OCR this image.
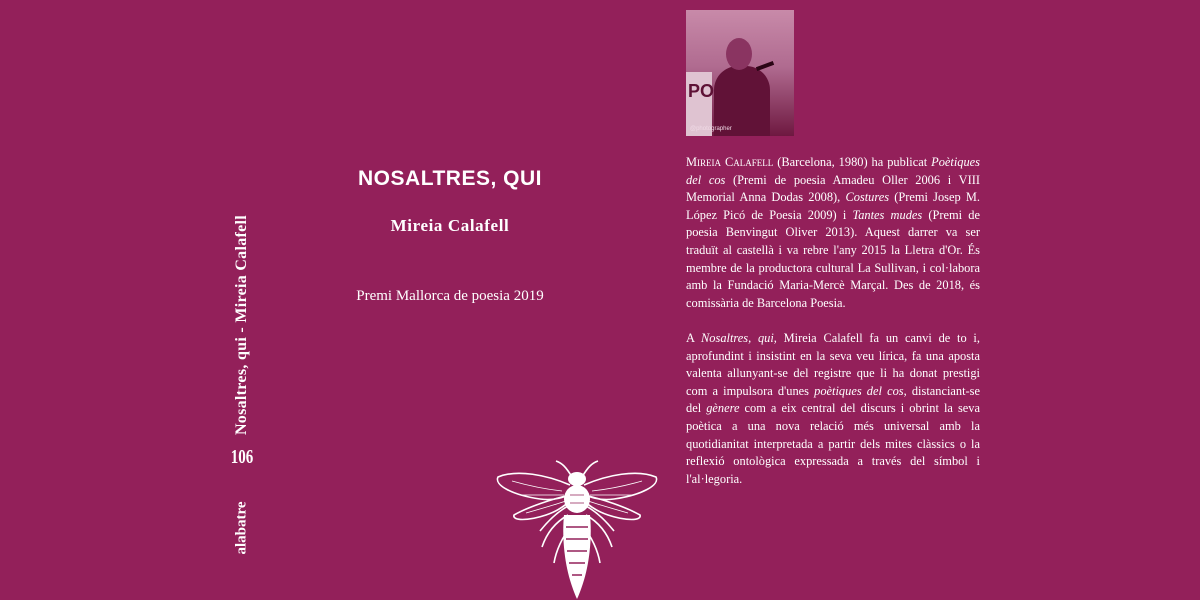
Nosaltres, qui - Mireia Calafell
106
alabatre
NOSALTRES, QUI
Mireia Calafell
Premi Mallorca de poesia 2019
PO
@photographer

Mireia Calafell (Barcelona, 1980) ha publicat Poètiques del cos (Premi de poesia Amadeu Oller 2006 i VIII Memorial Anna Dodas 2008), Costures (Premi Josep M. López Picó de Poesia 2009) i Tantes mudes (Premi de poesia Benvingut Oliver 2013). Aquest darrer va ser traduït al castellà i va rebre l'any 2015 la Lletra d'Or. És membre de la productora cultural La Sullivan, i col·labora amb la Fundació Maria-Mercè Marçal. Des de 2018, és comissària de Barcelona Poesia.

A Nosaltres, qui, Mireia Calafell fa un canvi de to i, aprofundint i insistint en la seva veu lírica, fa una aposta valenta allunyant-se del registre que li ha donat prestigi com a impulsora d'unes poètiques del cos, distanciant-se del gènere com a eix central del discurs i obrint la seva poètica a una nova relació més universal amb la quotidianitat interpretada a partir dels mites clàssics o la reflexió ontològica expressada a través del símbol i l'al·legoria.
